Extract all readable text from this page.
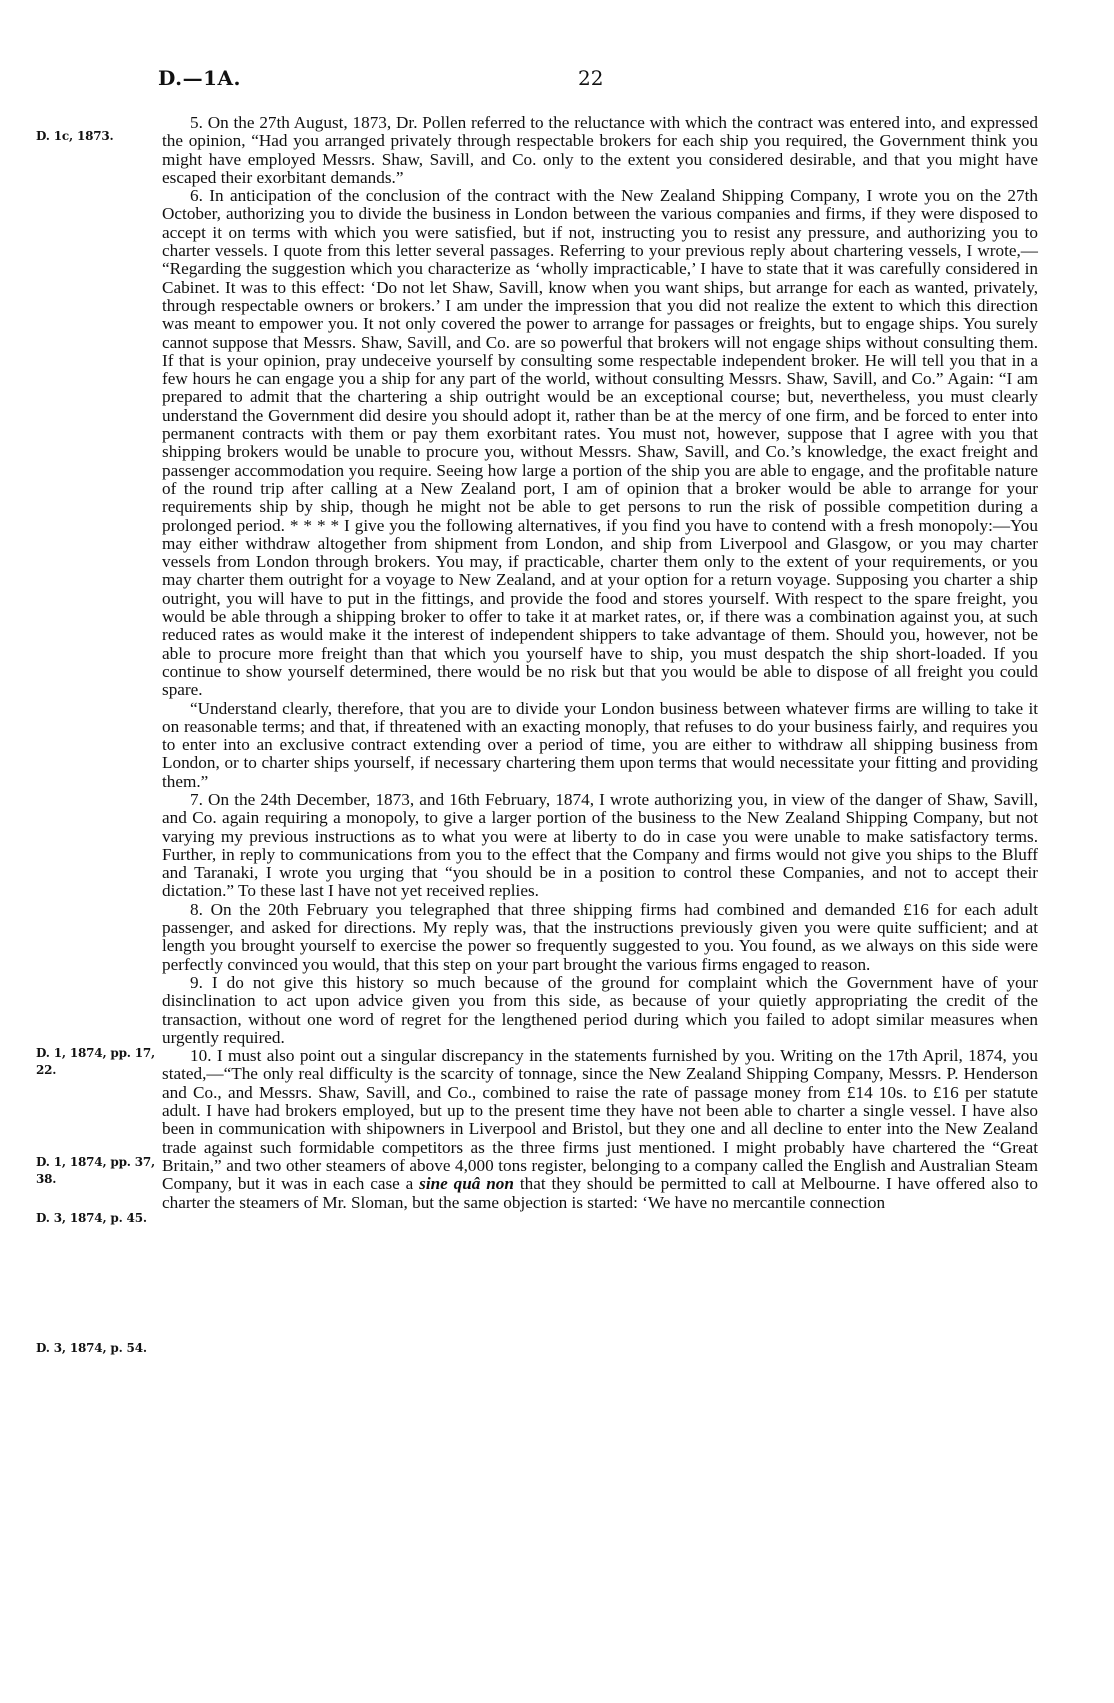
D.—1A.	22
D. 1c, 1873.
D. 1, 1874, pp. 17, 22.
D. 1, 1874, pp. 37, 38.
D. 3, 1874, p. 45.
D. 3, 1874, p. 54.

5. On the 27th August, 1873, Dr. Pollen referred to the reluctance with which the contract was entered into, and expressed the opinion, “Had you arranged privately through respectable brokers for each ship you required, the Government think you might have employed Messrs. Shaw, Savill, and Co. only to the extent you considered desirable, and that you might have escaped their exorbitant demands.”

6. In anticipation of the conclusion of the contract with the New Zealand Shipping Company, I wrote you on the 27th October, authorizing you to divide the business in London between the various companies and firms, if they were disposed to accept it on terms with which you were satisfied, but if not, instructing you to resist any pressure, and authorizing you to charter vessels. I quote from this letter several passages. Referring to your previous reply about chartering vessels, I wrote,— “Regarding the suggestion which you characterize as ‘wholly impracticable,’ I have to state that it was carefully considered in Cabinet. It was to this effect: ‘Do not let Shaw, Savill, know when you want ships, but arrange for each as wanted, privately, through respectable owners or brokers.’ I am under the impression that you did not realize the extent to which this direction was meant to empower you. It not only covered the power to arrange for passages or freights, but to engage ships. You surely cannot suppose that Messrs. Shaw, Savill, and Co. are so powerful that brokers will not engage ships without consulting them. If that is your opinion, pray undeceive yourself by consulting some respectable independent broker. He will tell you that in a few hours he can engage you a ship for any part of the world, without consulting Messrs. Shaw, Savill, and Co.” Again: “I am prepared to admit that the chartering a ship outright would be an exceptional course; but, nevertheless, you must clearly understand the Government did desire you should adopt it, rather than be at the mercy of one firm, and be forced to enter into permanent contracts with them or pay them exorbitant rates. You must not, however, suppose that I agree with you that shipping brokers would be unable to procure you, without Messrs. Shaw, Savill, and Co.’s knowledge, the exact freight and passenger accommodation you require. Seeing how large a portion of the ship you are able to engage, and the profitable nature of the round trip after calling at a New Zealand port, I am of opinion that a broker would be able to arrange for your requirements ship by ship, though he might not be able to get persons to run the risk of possible competition during a prolonged period. * * * * I give you the following alternatives, if you find you have to contend with a fresh monopoly:—You may either withdraw altogether from shipment from London, and ship from Liverpool and Glasgow, or you may charter vessels from London through brokers. You may, if practicable, charter them only to the extent of your requirements, or you may charter them outright for a voyage to New Zealand, and at your option for a return voyage. Supposing you charter a ship outright, you will have to put in the fittings, and provide the food and stores yourself. With respect to the spare freight, you would be able through a shipping broker to offer to take it at market rates, or, if there was a combination against you, at such reduced rates as would make it the interest of independent shippers to take advantage of them. Should you, however, not be able to procure more freight than that which you yourself have to ship, you must despatch the ship short-loaded. If you continue to show yourself determined, there would be no risk but that you would be able to dispose of all freight you could spare.

“Understand clearly, therefore, that you are to divide your London business between whatever firms are willing to take it on reasonable terms; and that, if threatened with an exacting monoply, that refuses to do your business fairly, and requires you to enter into an exclusive contract extending over a period of time, you are either to withdraw all shipping business from London, or to charter ships yourself, if necessary chartering them upon terms that would necessitate your fitting and providing them.”

7. On the 24th December, 1873, and 16th February, 1874, I wrote authorizing you, in view of the danger of Shaw, Savill, and Co. again requiring a monopoly, to give a larger portion of the business to the New Zealand Shipping Company, but not varying my previous instructions as to what you were at liberty to do in case you were unable to make satisfactory terms. Further, in reply to communications from you to the effect that the Company and firms would not give you ships to the Bluff and Taranaki, I wrote you urging that “you should be in a position to control these Companies, and not to accept their dictation.” To these last I have not yet received replies.

8. On the 20th February you telegraphed that three shipping firms had combined and demanded £16 for each adult passenger, and asked for directions. My reply was, that the instructions previously given you were quite sufficient; and at length you brought yourself to exercise the power so frequently suggested to you. You found, as we always on this side were perfectly convinced you would, that this step on your part brought the various firms engaged to reason.

9. I do not give this history so much because of the ground for complaint which the Government have of your disinclination to act upon advice given you from this side, as because of your quietly appropriating the credit of the transaction, without one word of regret for the lengthened period during which you failed to adopt similar measures when urgently required.

10. I must also point out a singular discrepancy in the statements furnished by you. Writing on the 17th April, 1874, you stated,—“The only real difficulty is the scarcity of tonnage, since the New Zealand Shipping Company, Messrs. P. Henderson and Co., and Messrs. Shaw, Savill, and Co., combined to raise the rate of passage money from £14 10s. to £16 per statute adult. I have had brokers employed, but up to the present time they have not been able to charter a single vessel. I have also been in communication with shipowners in Liverpool and Bristol, but they one and all decline to enter into the New Zealand trade against such formidable competitors as the three firms just mentioned. I might probably have chartered the “Great Britain,” and two other steamers of above 4,000 tons register, belonging to a company called the English and Australian Steam Company, but it was in each case a sine quâ non that they should be permitted to call at Melbourne. I have offered also to charter the steamers of Mr. Sloman, but the same objection is started: ‘We have no mercantile connection
